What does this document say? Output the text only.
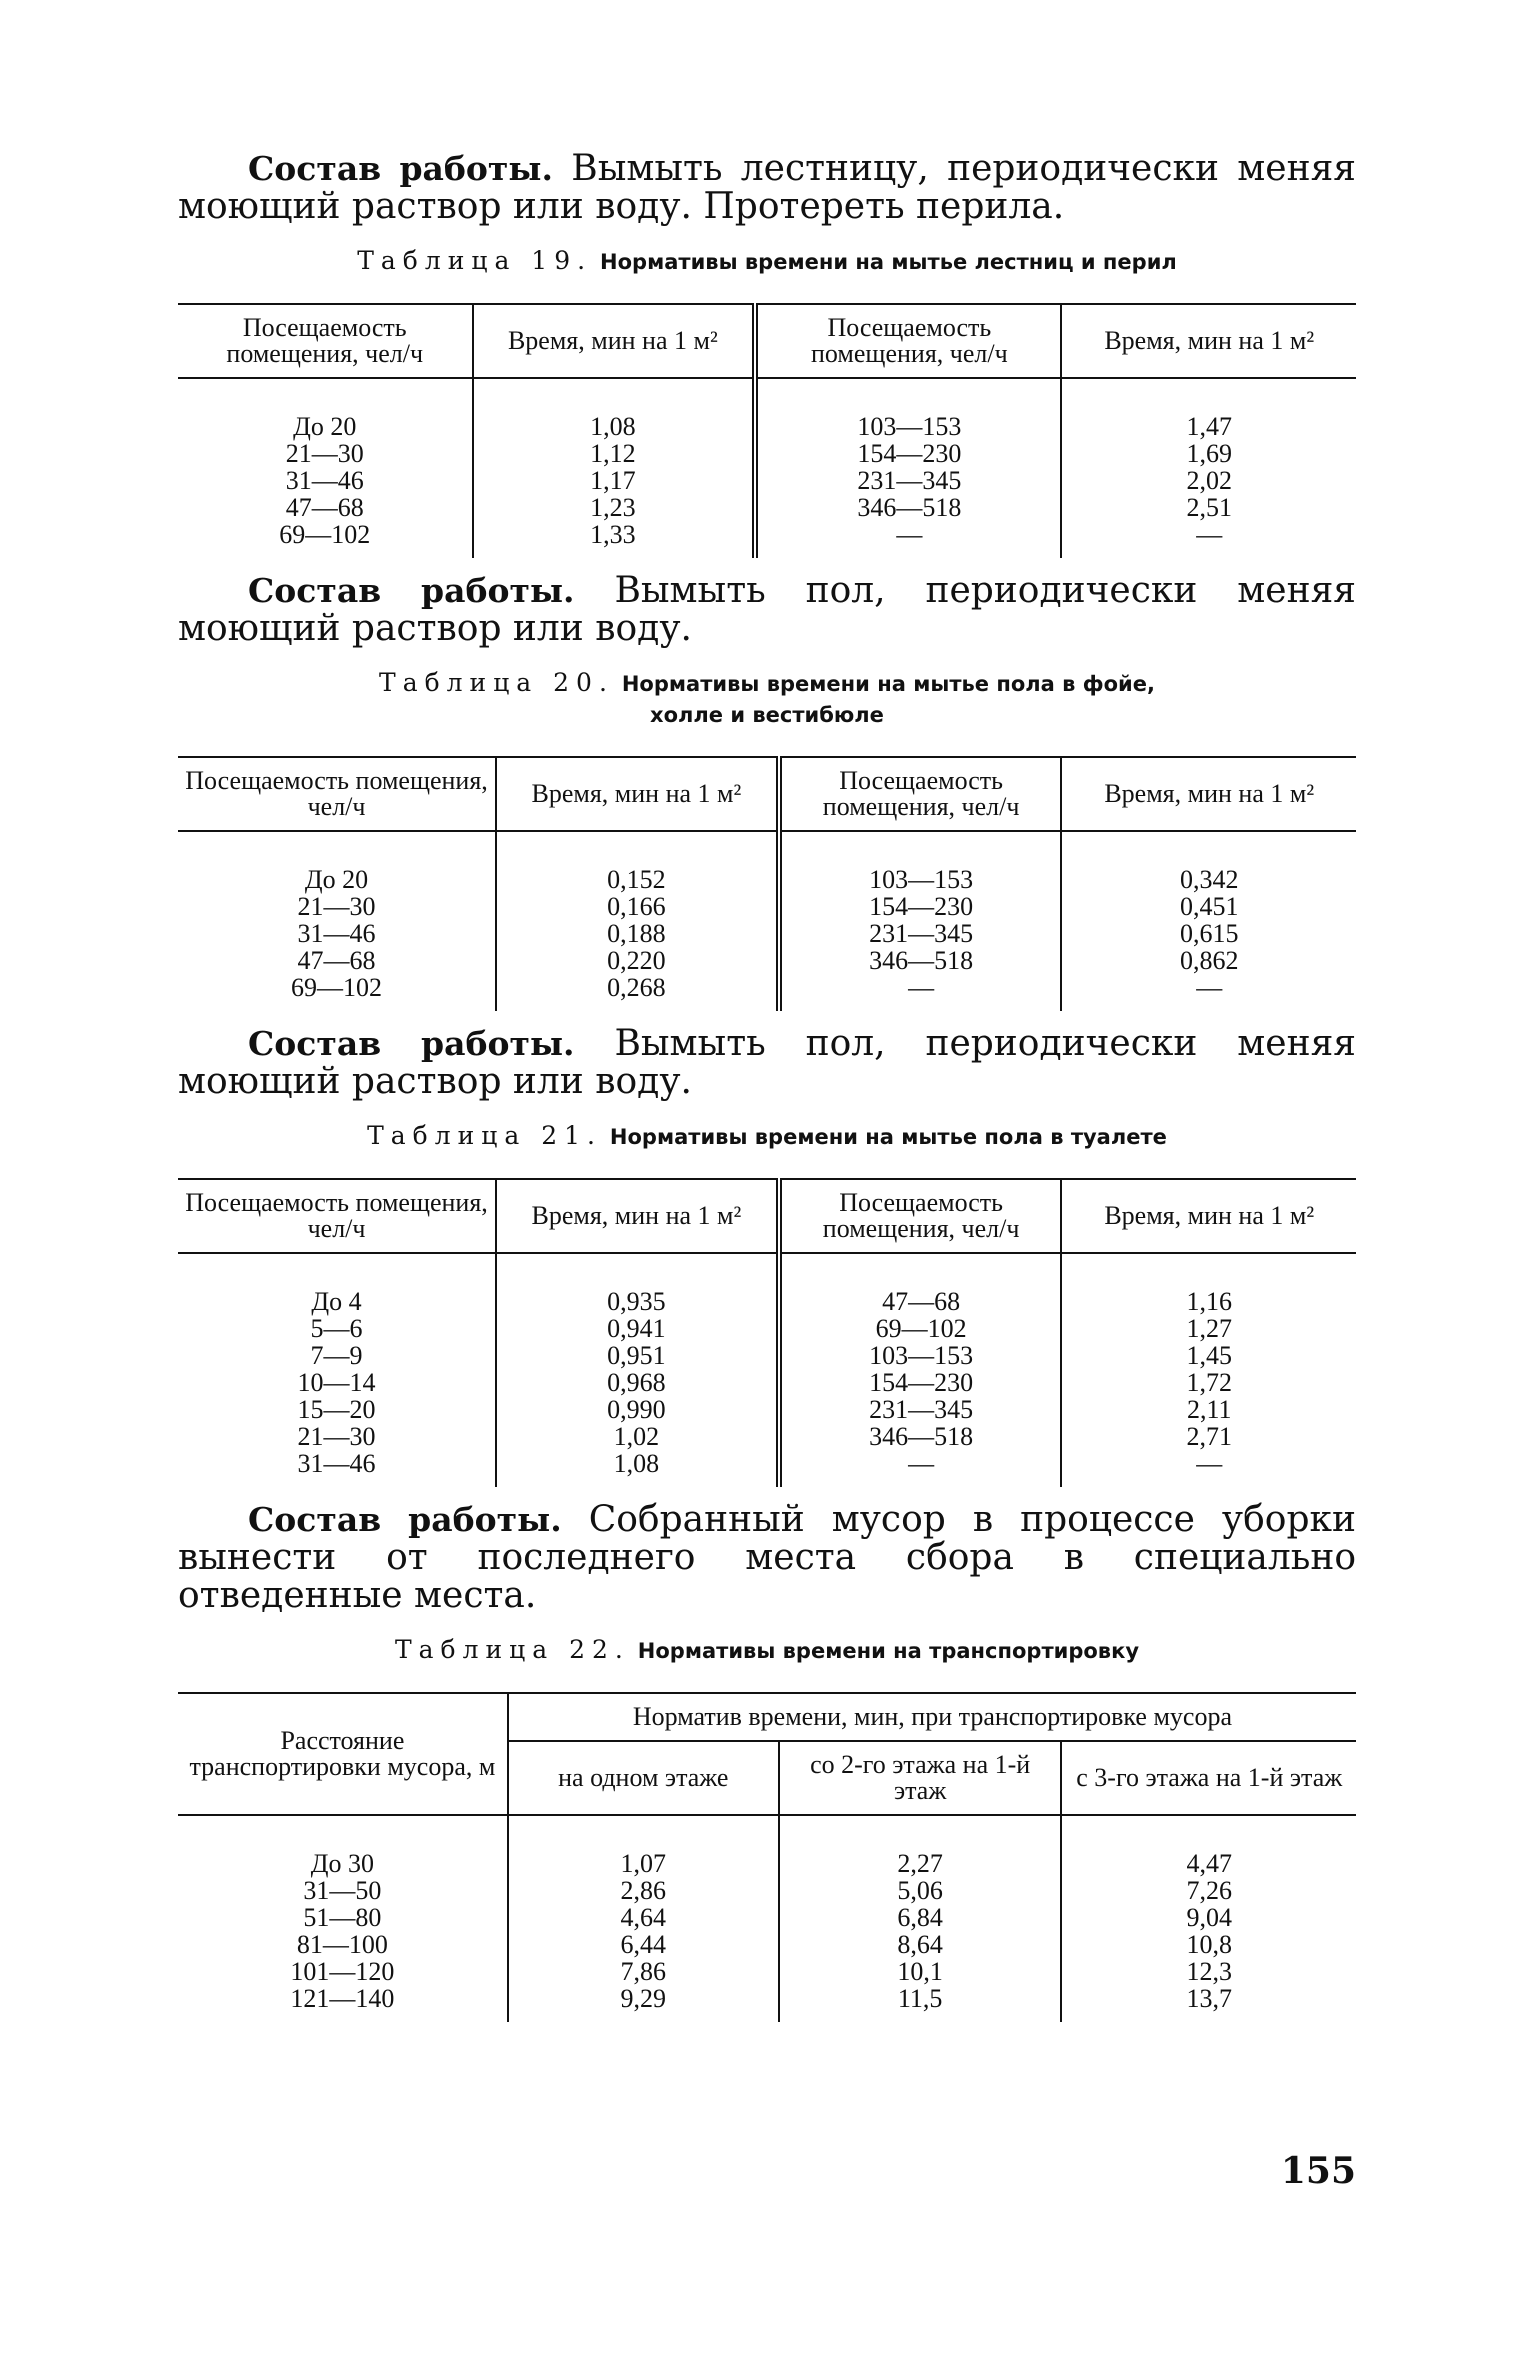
Состав работы. Вымыть лестницу, периодически меняя моющий раствор или воду. Протереть перила.

Таблица 19. Нормативы времени на мытье лестниц и перил
Посещаемость помещения, чел/ч	Время, мин на 1 м²	Посещаемость помещения, чел/ч	Время, мин на 1 м²
До 20	1,08	103—153	1,47
21—30	1,12	154—230	1,69
31—46	1,17	231—345	2,02
47—68	1,23	346—518	2,51
69—102	1,33	—	—

Состав работы. Вымыть пол, периодически меняя моющий раствор или воду.

Таблица 20. Нормативы времени на мытье пола в фойе,
холле и вестибюле
Посещаемость помещения, чел/ч	Время, мин на 1 м²	Посещаемость помещения, чел/ч	Время, мин на 1 м²
До 20	0,152	103—153	0,342
21—30	0,166	154—230	0,451
31—46	0,188	231—345	0,615
47—68	0,220	346—518	0,862
69—102	0,268	—	—

Состав работы. Вымыть пол, периодически меняя моющий раствор или воду.

Таблица 21. Нормативы времени на мытье пола в туалете
Посещаемость помещения, чел/ч	Время, мин на 1 м²	Посещаемость помещения, чел/ч	Время, мин на 1 м²
До 4	0,935	47—68	1,16
5—6	0,941	69—102	1,27
7—9	0,951	103—153	1,45
10—14	0,968	154—230	1,72
15—20	0,990	231—345	2,11
21—30	1,02	346—518	2,71
31—46	1,08	—	—

Состав работы. Собранный мусор в процессе уборки вынести от последнего места сбора в специально отведенные места.

Таблица 22. Нормативы времени на транспортировку
Расстояние транспортировки мусора, м	Норматив времени, мин, при транспортировке мусора		
	на одном этаже	со 2-го этажа на 1-й этаж	с 3-го этажа на 1-й этаж
До 30	1,07	2,27	4,47
31—50	2,86	5,06	7,26
51—80	4,64	6,84	9,04
81—100	6,44	8,64	10,8
101—120	7,86	10,1	12,3
121—140	9,29	11,5	13,7
155
